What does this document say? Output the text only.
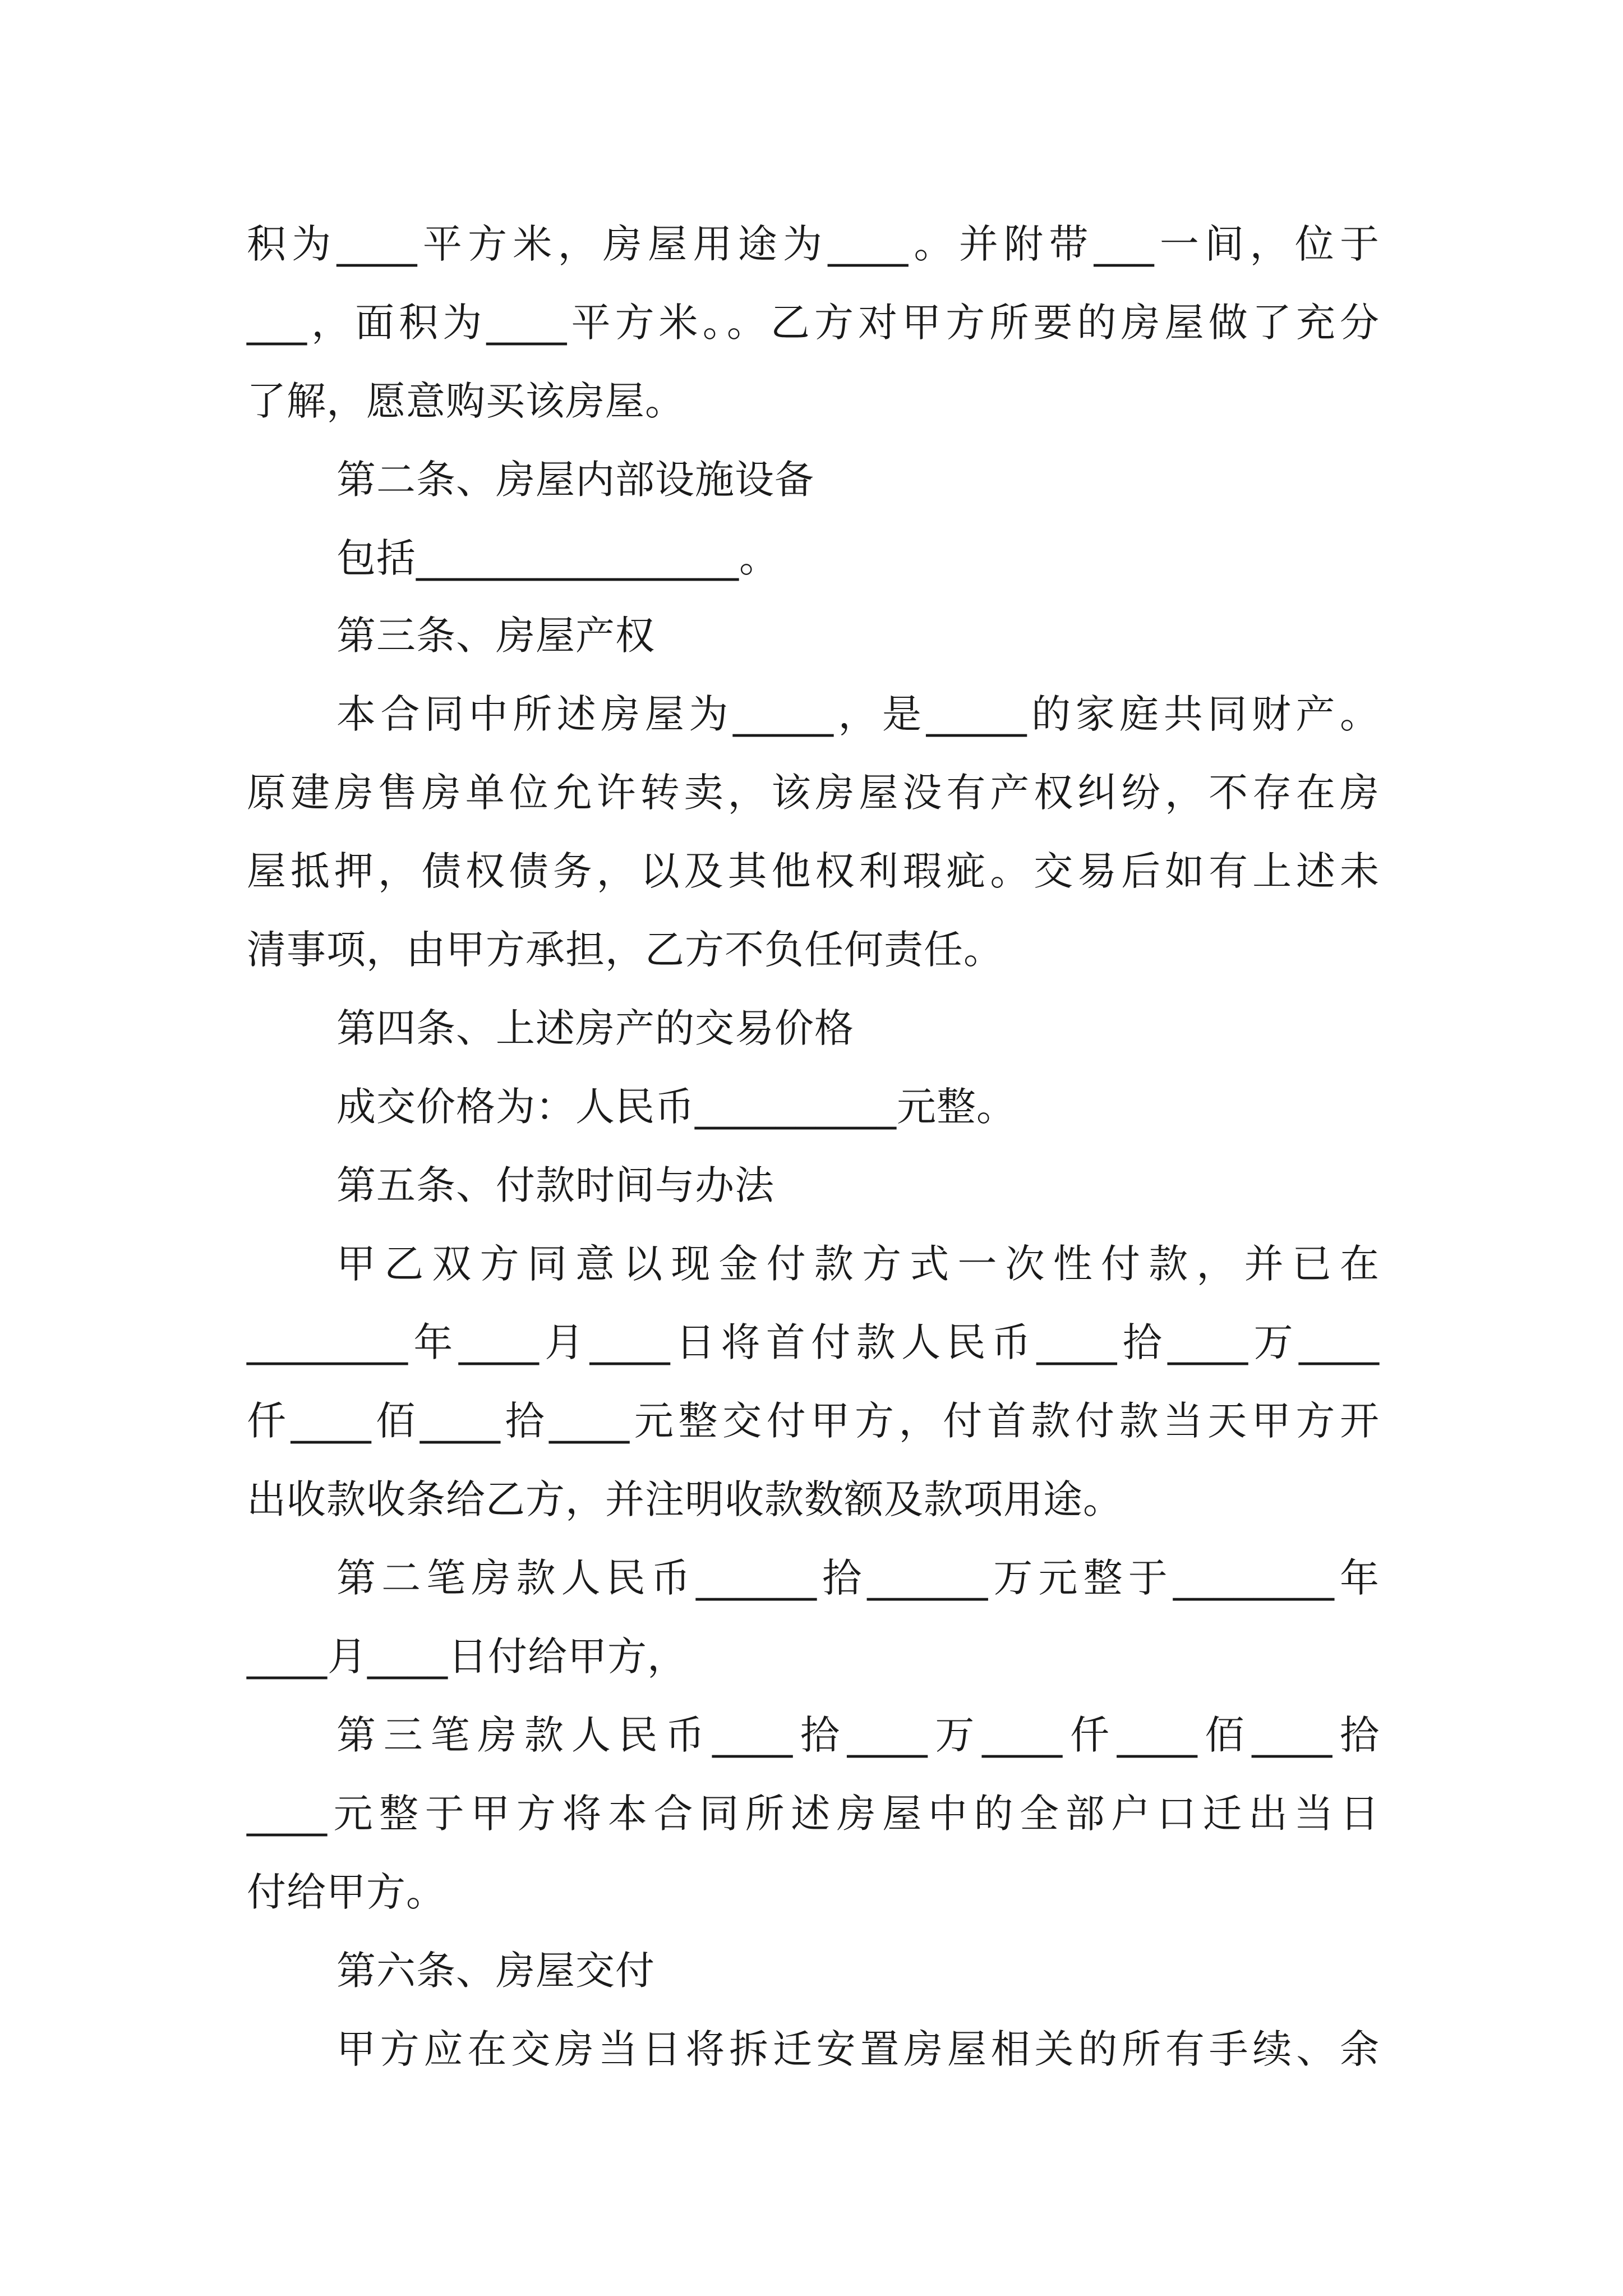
积为____平方米，房屋用途为____。并附带___一间，位于
___，面积为____平方米。。乙方对甲方所要的房屋做了充分
了解，愿意购买该房屋。
第二条、房屋内部设施设备
包括________________。
第三条、房屋产权
本合同中所述房屋为_____，是_____的家庭共同财产。
原建房售房单位允许转卖，该房屋没有产权纠纷，不存在房
屋抵押，债权债务，以及其他权利瑕疵。交易后如有上述未
清事项，由甲方承担，乙方不负任何责任。
第四条、上述房产的交易价格
成交价格为：人民币__________元整。
第五条、付款时间与办法
甲乙双方同意以现金付款方式一次性付款，并已在
________年____月____日将首付款人民币____拾____万____
仟____佰____拾____元整交付甲方，付首款付款当天甲方开
出收款收条给乙方，并注明收款数额及款项用途。
第二笔房款人民币______拾______万元整于________年
____月____日付给甲方，
第三笔房款人民币____拾____万____仟____佰____拾
____元整于甲方将本合同所述房屋中的全部户口迁出当日
付给甲方。
第六条、房屋交付
甲方应在交房当日将拆迁安置房屋相关的所有手续、余
